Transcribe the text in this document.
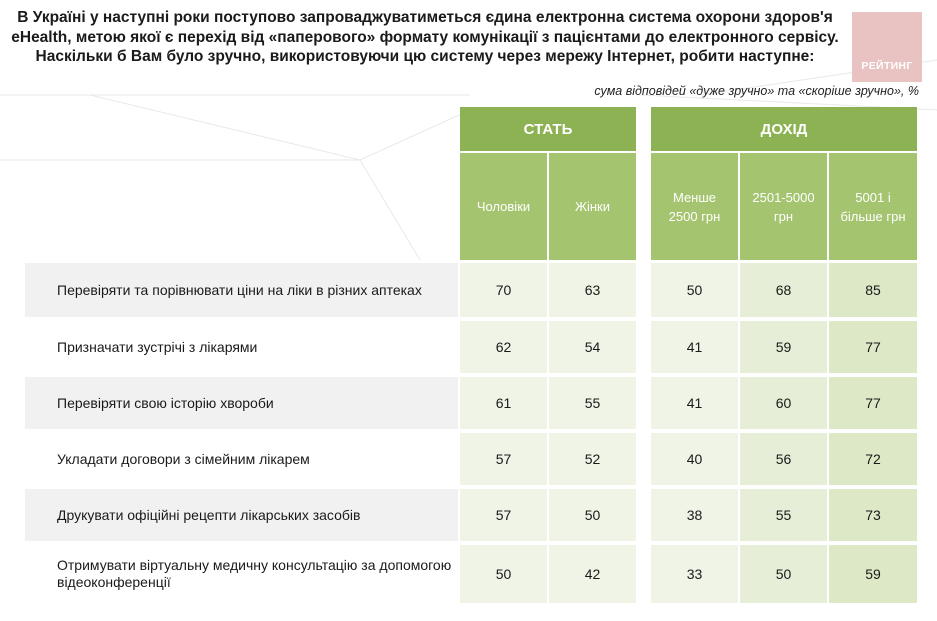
В Україні у наступні роки поступово запроваджуватиметься єдина електронна система охорони здоров'я eHealth, метою якої є перехід від «паперового» формату комунікації з пацієнтами до електронного сервісу. Наскільки б Вам було зручно, використовуючи цю систему через мережу Інтернет, робити наступне:
сума відповідей «дуже зручно» та «скоріше зручно», %
РЕЙТИНГ
СТАТЬ
Чоловіки	Жінки
ДОХІД
Менше 2500 грн
2501-5000 грн
5001 і більше грн
Перевіряти та порівнювати ціни на ліки в різних аптеках	70	63	50	68	85
Призначати зустрічі з лікарями	62	54	41	59	77
Перевіряти свою історію хвороби	61	55	41	60	77
Укладати договори з сімейним лікарем	57	52	40	56	72
Друкувати офіційні рецепти лікарських засобів	57	50	38	55	73
Отримувати віртуальну медичну консультацію за допомогою відеоконференції	50	42	33	50	59
